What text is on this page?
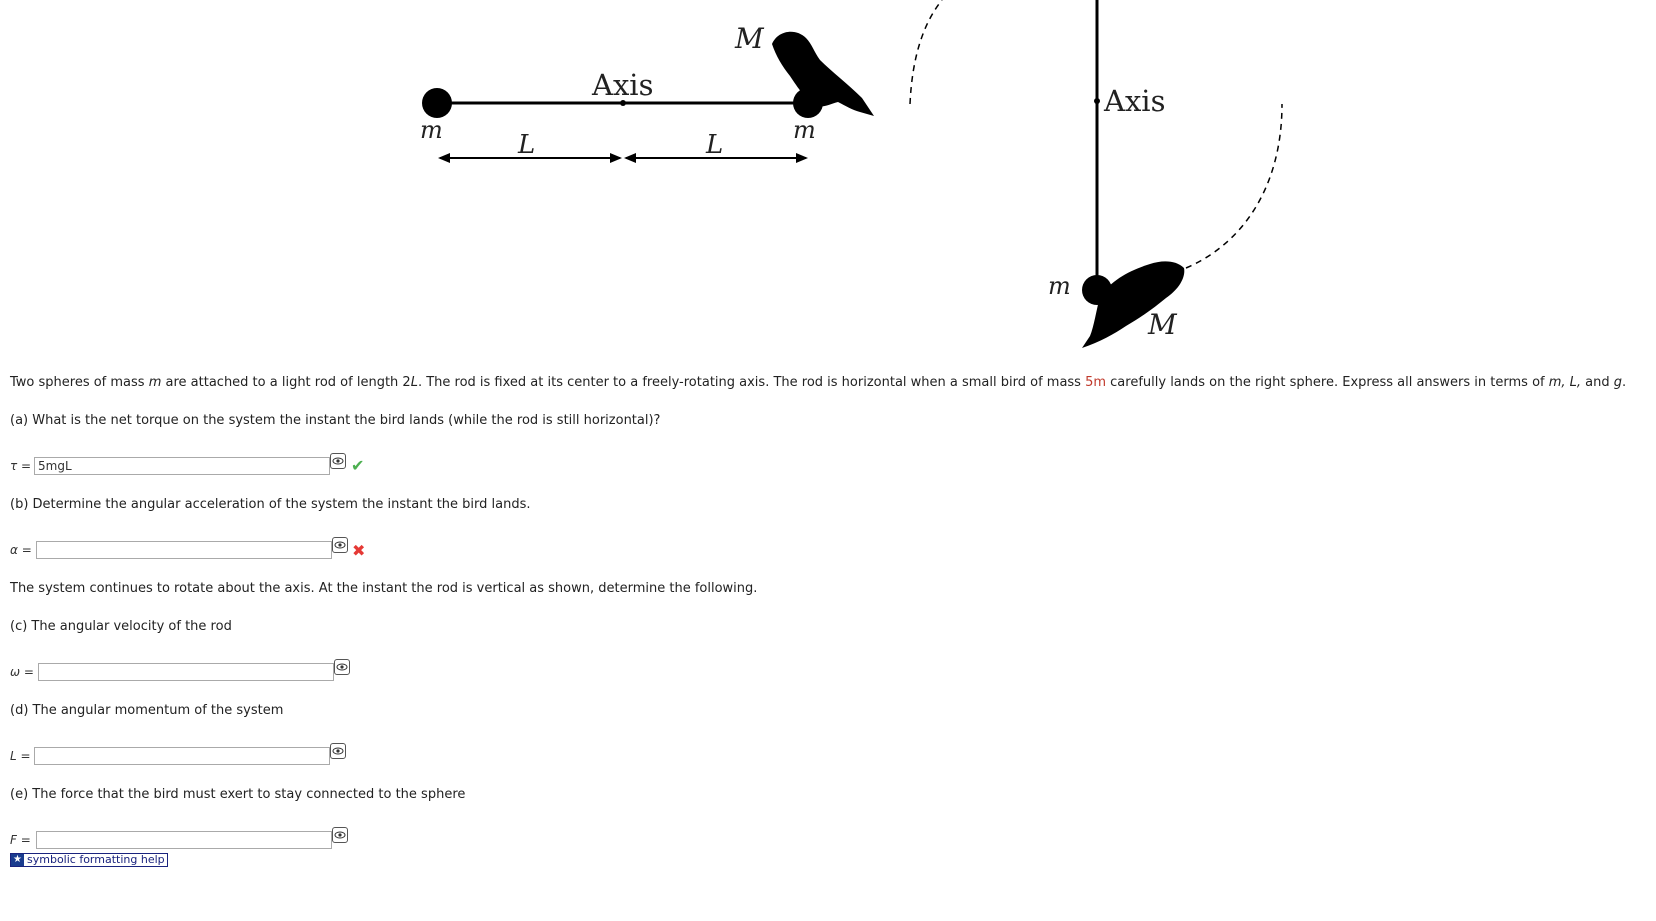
Axis
m	m
M
L	L
Axis
m
M
Two spheres of mass m are attached to a light rod of length 2L. The rod is fixed at its center to a freely-rotating axis. The rod is horizontal when a small bird of mass 5m carefully lands on the right sphere. Express all answers in terms of m, L, and g.
(a) What is the net torque on the system the instant the bird lands (while the rod is still horizontal)?
τ =
5mgL	✔
(b) Determine the angular acceleration of the system the instant the bird lands.
α =	✖
The system continues to rotate about the axis. At the instant the rod is vertical as shown, determine the following.
(c) The angular velocity of the rod
ω =
(d) The angular momentum of the system
L =
(e) The force that the bird must exert to stay connected to the sphere
F =
★ symbolic formatting help
